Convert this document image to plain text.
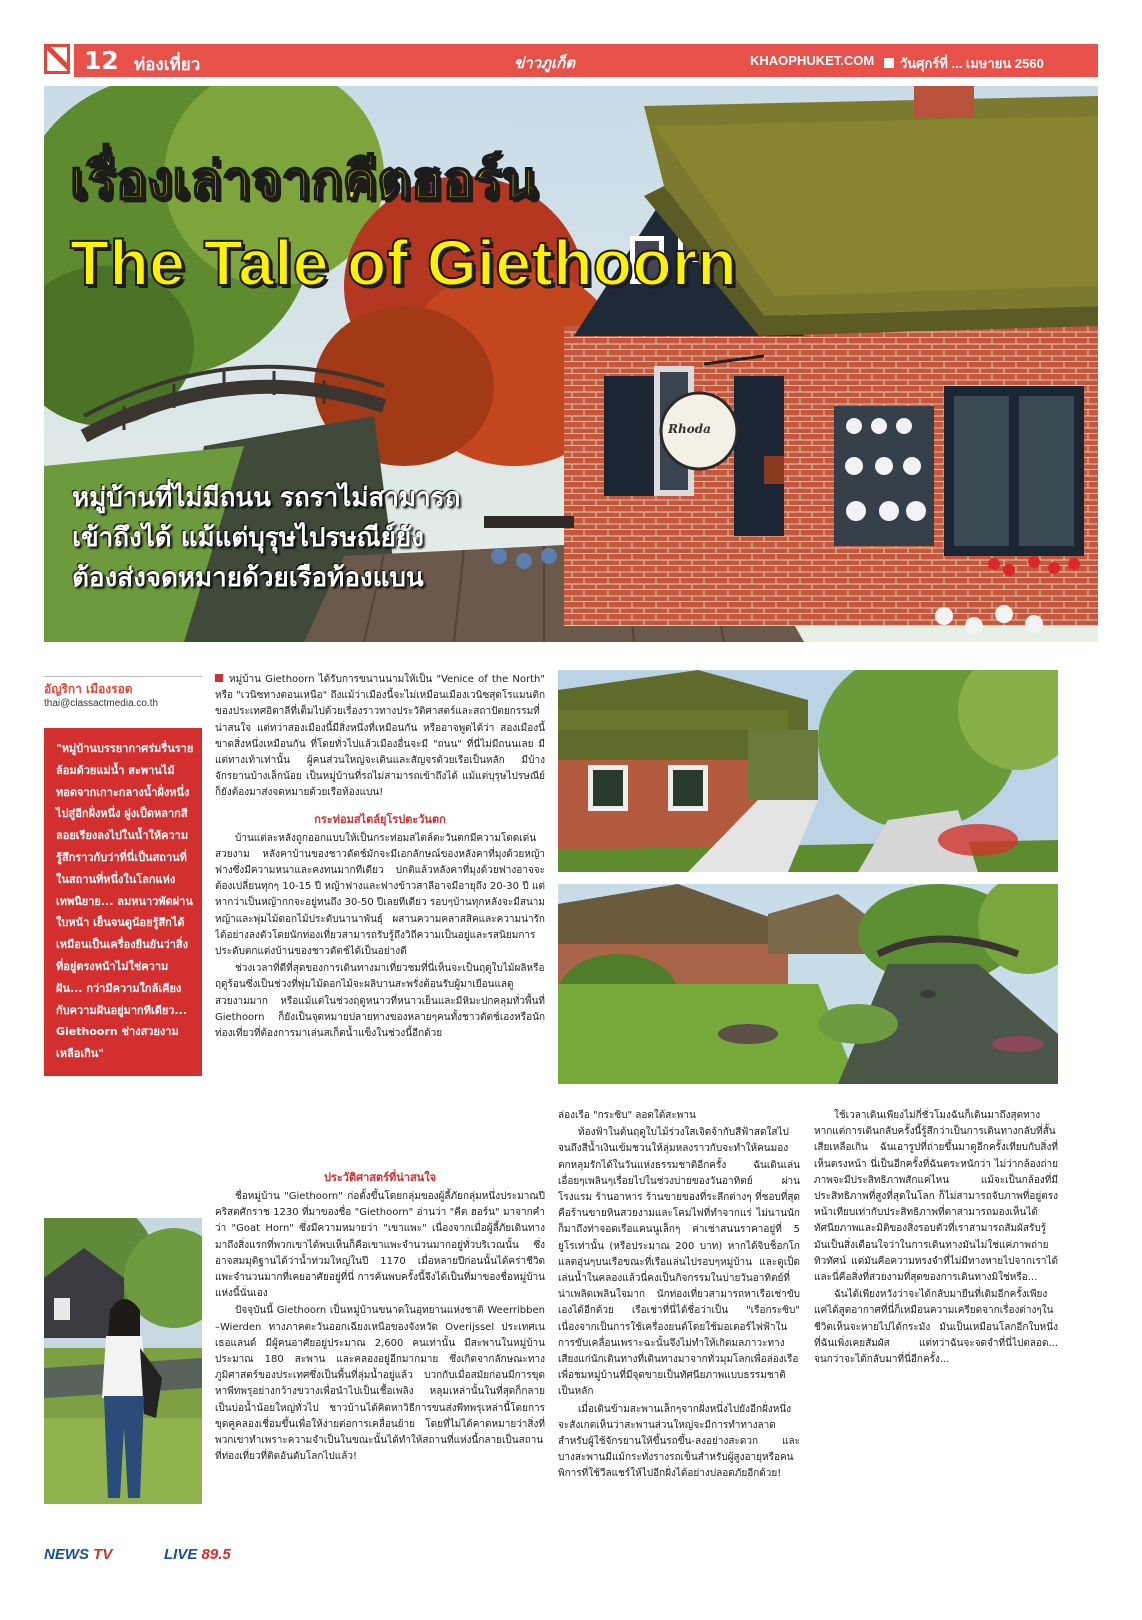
12 ท่องเที่ยว	ข่าวภูเก็ต	KHAOPHUKET.COM	วันศุกร์ที่ ... เมษายน 2560
Rhoda
เรื่องเล่าจากคีตฮอร์น
The Tale of Giethoorn
หมู่บ้านที่ไม่มีถนน รถราไม่สามารถ
เข้าถึงได้ แม้แต่บุรุษไปรษณีย์ยัง
ต้องส่งจดหมายด้วยเรือท้องแบน
อัญริกา เมืองรอด
thai@classactmedia.co.th

"หมู่บ้านบรรยากาศร่มรื่นรายล้อมด้วยแม่น้ำ สะพานไม้ทอดจากเกาะกลางน้ำฝั่งหนึ่งไปสู่อีกฝั่งหนึ่ง ฝูงเป็ดหลากสีลอยเรียงลงไปในน้ำให้ความรู้สึกราวกับว่าที่นี่เป็นสถานที่ในสถานที่หนึ่งในโลกแห่งเทพนิยาย... ลมหนาวพัดผ่านใบหน้า เย็นจนดูน้อยรู้สึกได้ เหมือนเป็นเครื่องยืนยันว่าสิ่งที่อยู่ตรงหน้าไม่ใช่ความฝัน... กว่ามีความใกล้เคียงกับความฝันอยู่มากทีเดียว... Giethoorn ช่างสวยงามเหลือเกิน"

หมู่บ้าน Giethoorn ได้รับการขนานนามให้เป็น "Venice of the North" หรือ "เวนิซทางตอนเหนือ" ถึงแม้ว่าเมืองนี้จะไม่เหมือนเมืองเวนิซสุดโรแมนติกของประเทศอิตาลีที่เต็มไปด้วยเรื่องราวทางประวัติศาสตร์และสถาปัตยกรรมที่น่าสนใจ แต่ทว่าสองเมืองนี้มีสิ่งหนึ่งที่เหมือนกัน หรืออาจพูดได้ว่า สองเมืองนี้ขาดสิ่งหนึ่งเหมือนกัน ที่โดยทั่วไปแล้วเมืองอื่นจะมี "ถนน" ที่นี่ไม่มีถนนเลย มีแต่ทางเท้าเท่านั้น ผู้คนส่วนใหญ่จะเดินและสัญจรด้วยเรือเป็นหลัก มีบ้างจักรยานบ้างเล็กน้อย เป็นหมู่บ้านที่รถไม่สามารถเข้าถึงได้ แม้แต่บุรุษไปรษณีย์ก็ยังต้องมาส่งจดหมายด้วยเรือท้องแบน!

กระท่อมสไตล์ยุโรปตะวันตก

บ้านแต่ละหลังถูกออกแบบให้เป็นกระท่อมสไตล์ตะวันตกมีความโดดเด่นสวยงาม หลังคาบ้านของชาวดัตช์มักจะมีเอกลักษณ์ของหลังคาที่มุงด้วยหญ้าฟางซึ่งมีความหนาและคงทนมากทีเดียว ปกติแล้วหลังคาที่มุงด้วยฟางอาจจะต้องเปลี่ยนทุกๆ 10-15 ปี หญ้าฟางและฟางข้าวสาลีอาจมีอายุถึง 20-30 ปี แต่หากว่าเป็นหญ้ากกจะอยู่ทนถึง 30-50 ปีเลยทีเดียว รอบๆบ้านทุกหลังจะมีสนามหญ้าและพุ่มไม้ดอกไม้ประดับนานาพันธุ์ ผสานความคลาสสิคและความน่ารักได้อย่างลงตัวโดยนักท่องเที่ยวสามารถรับรู้ถึงวิถีความเป็นอยู่และรสนิยมการประดับตกแต่งบ้านของชาวดัตช์ได้เป็นอย่างดี

ช่วงเวลาที่ดีที่สุดของการเดินทางมาเที่ยวชมที่นี่เห็นจะเป็นฤดูใบไม้ผลิหรือฤดูร้อนซึ่งเป็นช่วงที่พุ่มไม้ดอกไม้จะผลิบานสะพรั่งต้อนรับผู้มาเยือนแลดูสวยงามมาก หรือแม้แต่ในช่วงฤดูหนาวที่หนาวเย็นและมีหิมะปกคลุมทั่วพื้นที่ Giethoorn ก็ยังเป็นจุดหมายปลายทางของหลายๆคนทั้งชาวดัตช์เองหรือนักท่องเที่ยวที่ต้องการมาเล่นสเก็ตน้ำแข็งในช่วงนี้อีกด้วย

ประวัติศาสตร์ที่น่าสนใจ

ชื่อหมู่บ้าน "Giethoorn" ก่อตั้งขึ้นโดยกลุ่มของผู้ลี้ภัยกลุ่มหนึ่งประมาณปีคริสตศักราช 1230 ที่มาของชื่อ "Giethoorn" อ่านว่า "คีต ฮอร์น" มาจากคำว่า "Goat Horn" ซึ่งมีความหมายว่า "เขาแพะ" เนื่องจากเมื่อผู้ลี้ภัยเดินทางมาถึงสิ่งแรกที่พวกเขาได้พบเห็นก็คือเขาแพะจำนวนมากอยู่ทั่วบริเวณนั้น ซึ่งอาจสมมุติฐานได้ว่าน้ำท่วมใหญ่ในปี 1170 เมื่อหลายปีก่อนนั้นได้คร่าชีวิตแพะจำนวนมากที่เคยอาศัยอยู่ที่นี่ การค้นพบครั้งนี้จึงได้เป็นที่มาของชื่อหมู่บ้านแห่งนี้นั่นเอง

ปัจจุบันนี้ Giethoorn เป็นหมู่บ้านขนาดในอุทยานแห่งชาติ Weerribben –Wierden ทางภาคตะวันออกเฉียงเหนือของจังหวัด Overijssel ประเทศเนเธอแลนด์ มีผู้คนอาศัยอยู่ประมาณ 2,600 คนเท่านั้น มีสะพานในหมู่บ้านประมาณ 180 สะพาน และคลองอยู่อีกมากมาย ซึ่งเกิดจากลักษณะทางภูมิศาสตร์ของประเทศซึ่งเป็นพื้นที่ลุ่มน้ำอยู่แล้ว บวกกับเมื่อสมัยก่อนมีการขุดหาพีทพรุอย่างกว้างขวางเพื่อนำไปเป็นเชื้อเพลิง หลุมเหล่านั้นในที่สุดก็กลายเป็นบ่อน้ำน้อยใหญ่ทั่วไป ชาวบ้านได้คิดหาวิธีการขนส่งพีทพรุเหล่านี้โดยการขุดคูคลองเชื่อมขึ้นเพื่อให้ง่ายต่อการเคลื่อนย้าย โดยที่ไม่ได้คาดหมายว่าสิ่งที่พวกเขาทำเพราะความจำเป็นในขณะนั้นได้ทำให้สถานที่แห่งนี้กลายเป็นสถานที่ท่องเที่ยวที่ติดอันดับโลกไปแล้ว!

ล่องเรือ "กระซิบ" ลอดใต้สะพาน

ท้องฟ้าในต้นฤดูใบไม้ร่วงใสเจิดจ้ากับสีฟ้าสดใสไปจนถึงสีน้ำเงินเข้มชวนให้ลุ่มหลงราวกับจะทำให้คนมองตกหลุมรักได้ในวันแห่งธรรมชาติอีกครั้ง ฉันเดินเล่นเอื่อยๆเพลินๆเรื่อยไปในช่วงบ่ายของวันอาทิตย์ ผ่านโรงแรม ร้านอาหาร ร้านขายของที่ระลึกต่างๆ ที่ชอบที่สุดคือร้านขายหินสวยงามและโคมไฟที่ทำจากแร่ ไม่นานนักก็มาถึงท่าจอดเรือแคนนูเล็กๆ ค่าเช่าสนนราคาอยู่ที่ 5 ยูโรเท่านั้น (หรือประมาณ 200 บาท) หากได้จิบช็อกโกแลตอุ่นๆบนเรือขณะที่เรือแล่นไปรอบๆหมู่บ้าน และดูเป็ดเล่นน้ำในคลองแล้วนี่คงเป็นกิจกรรมในบ่ายวันอาทิตย์ที่น่าเพลิดเพลินใจมาก นักท่องเที่ยวสามารถหาเรือเช่าขับเองได้อีกด้วย เรือเช่าที่นี่ได้ชื่อว่าเป็น "เรือกระซิบ" เนื่องจากเป็นการใช้เครื่องยนต์โดยใช้มอเตอร์ไฟฟ้าในการขับเคลื่อนเพราะฉะนั้นจึงไม่ทำให้เกิดมลภาวะทางเสียงแก่นักเดินทางที่เดินทางมาจากทั่วมุมโลกเพื่อล่องเรือเพื่อชมหมู่บ้านที่มีจุดขายเป็นทัศนียภาพแบบธรรมชาติเป็นหลัก

เมื่อเดินข้ามสะพานเล็กๆจากฝั่งหนึ่งไปยังอีกฝั่งหนึ่ง จะสังเกตเห็นว่าสะพานส่วนใหญ่จะมีการทำทางลาดสำหรับผู้ใช้จักรยานให้ขึ้นรถขึ้น-ลงอย่างสะดวก และบางสะพานมีแม้กระทั่งรางรถเข็นสำหรับผู้สูงอายุหรือคนพิการที่ใช้วีลแชร์ให้ไปอีกฝั่งได้อย่างปลอดภัยอีกด้วย!

ใช้เวลาเดินเพียงไม่กี่ชั่วโมงฉันก็เดินมาถึงสุดทางหากแต่การเดินกลับครั้งนี้รู้สึกว่าเป็นการเดินทางกลับที่สั้นเสียเหลือเกิน ฉันเอารูปที่ถ่ายขึ้นมาดูอีกครั้งเทียบกับสิ่งที่เห็นตรงหน้า นี่เป็นอีกครั้งที่ฉันตระหนักว่า ไม่ว่ากล้องถ่ายภาพจะมีประสิทธิภาพสักแค่ไหน แม้จะเป็นกล้องที่มีประสิทธิภาพที่สูงที่สุดในโลก ก็ไม่สามารถจับภาพที่อยู่ตรงหน้าเทียบเท่ากับประสิทธิภาพที่ตาสามารถมองเห็นได้ ทัศนียภาพและมิติของสิ่งรอบตัวที่เราสามารถสัมผัสรับรู้ มันเป็นสิ่งเตือนใจว่าในการเดินทางมันไม่ใช่แค่ภาพถ่ายทิวทัศน์ แต่มันคือความทรงจำที่ไม่มีทางหายไปจากเราได้ และนี่คือสิ่งที่สวยงามที่สุดของการเดินทางมิใช่หรือ...

ฉันได้เพียงหวังว่าจะได้กลับมายืนที่เดิมอีกครั้งเพียงแค่ได้สูดอากาศที่นี่ก็เหมือนความเครียดจากเรื่องต่างๆในชีวิตเห็นจะหายไปได้กระมัง มันเป็นเหมือนโลกอีกใบหนึ่งที่ฉันเพิ่งเคยสัมผัส แต่ทว่าฉันจะจดจำที่นี่ไปตลอด... จนกว่าจะได้กลับมาที่นี่อีกครั้ง...

NEWS TV	LIVE 89.5
